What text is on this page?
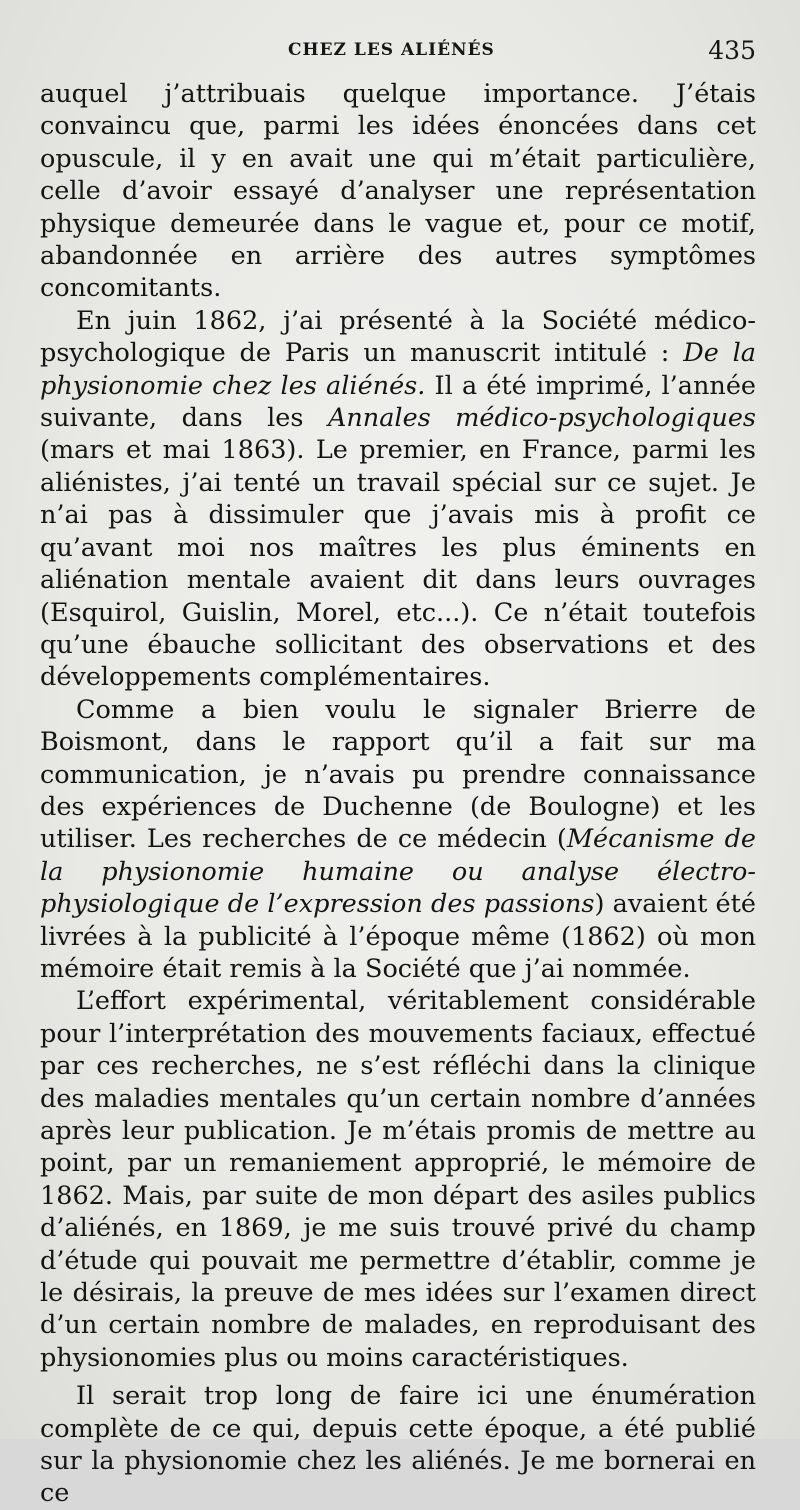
CHEZ LES ALIÉNÉS	435

auquel j’attribuais quelque importance. J’étais convaincu que, parmi les idées énoncées dans cet opuscule, il y en avait une qui m’était particulière, celle d’avoir essayé d’analyser une représentation physique demeurée dans le vague et, pour ce motif, abandonnée en arrière des autres symptômes concomitants.

En juin 1862, j’ai présenté à la Société médico-psychologique de Paris un manuscrit intitulé : De la physionomie chez les aliénés. Il a été imprimé, l’année suivante, dans les Annales médico-psychologiques (mars et mai 1863). Le premier, en France, parmi les aliénistes, j’ai tenté un travail spécial sur ce sujet. Je n’ai pas à dissimuler que j’avais mis à profit ce qu’avant moi nos maîtres les plus éminents en aliénation mentale avaient dit dans leurs ouvrages (Esquirol, Guislin, Morel, etc...). Ce n’était toutefois qu’une ébauche sollicitant des observations et des développements complémentaires.

Comme a bien voulu le signaler Brierre de Boismont, dans le rapport qu’il a fait sur ma communication, je n’avais pu prendre connaissance des expériences de Duchenne (de Boulogne) et les utiliser. Les recherches de ce médecin (Mécanisme de la physionomie humaine ou analyse électro-physiologique de l’expression des passions) avaient été livrées à la publicité à l’époque même (1862) où mon mémoire était remis à la Société que j’ai nommée.

L’effort expérimental, véritablement considérable pour l’interprétation des mouvements faciaux, effectué par ces recherches, ne s’est réfléchi dans la clinique des maladies mentales qu’un certain nombre d’années après leur publication. Je m’étais promis de mettre au point, par un remaniement approprié, le mémoire de 1862. Mais, par suite de mon départ des asiles publics d’aliénés, en 1869, je me suis trouvé privé du champ d’étude qui pouvait me permettre d’établir, comme je le désirais, la preuve de mes idées sur l’examen direct d’un certain nombre de malades, en reproduisant des physionomies plus ou moins caractéristiques.

Il serait trop long de faire ici une énumération complète de ce qui, depuis cette époque, a été publié sur la physionomie chez les aliénés. Je me bornerai en ce
